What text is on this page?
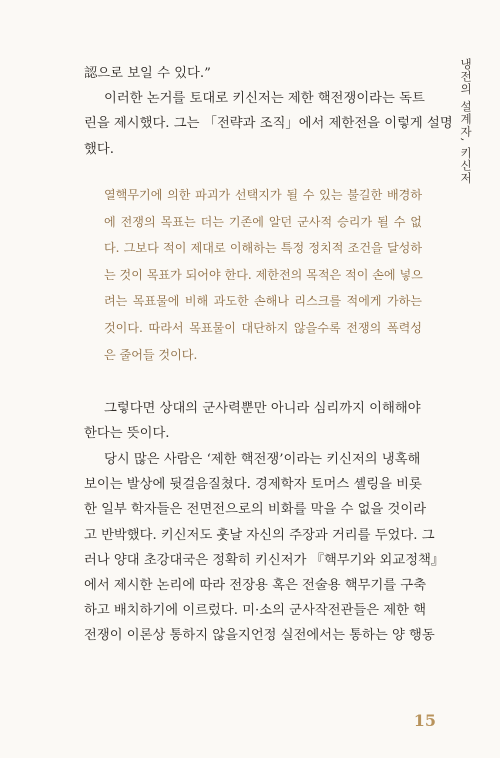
냉전의 설계자, 키신저
認으로 보일 수 있다.”
이러한 논거를 토대로 키신저는 제한 핵전쟁이라는 독트
린을 제시했다. 그는 「전략과 조직」에서 제한전을 이렇게 설명
했다.
열핵무기에 의한 파괴가 선택지가 될 수 있는 불길한 배경하
에 전쟁의 목표는 더는 기존에 알던 군사적 승리가 될 수 없
다. 그보다 적이 제대로 이해하는 특정 정치적 조건을 달성하
는 것이 목표가 되어야 한다. 제한전의 목적은 적이 손에 넣으
려는 목표물에 비해 과도한 손해나 리스크를 적에게 가하는
것이다. 따라서 목표물이 대단하지 않을수록 전쟁의 폭력성
은 줄어들 것이다.
그렇다면 상대의 군사력뿐만 아니라 심리까지 이해해야
한다는 뜻이다.
당시 많은 사람은 ‘제한 핵전쟁’이라는 키신저의 냉혹해
보이는 발상에 뒷걸음질쳤다. 경제학자 토머스 셸링을 비롯
한 일부 학자들은 전면전으로의 비화를 막을 수 없을 것이라
고 반박했다. 키신저도 훗날 자신의 주장과 거리를 두었다. 그
러나 양대 초강대국은 정확히 키신저가 『핵무기와 외교정책』
에서 제시한 논리에 따라 전장용 혹은 전술용 핵무기를 구축
하고 배치하기에 이르렀다. 미·소의 군사작전관들은 제한 핵
전쟁이 이론상 통하지 않을지언정 실전에서는 통하는 양 행동
15
